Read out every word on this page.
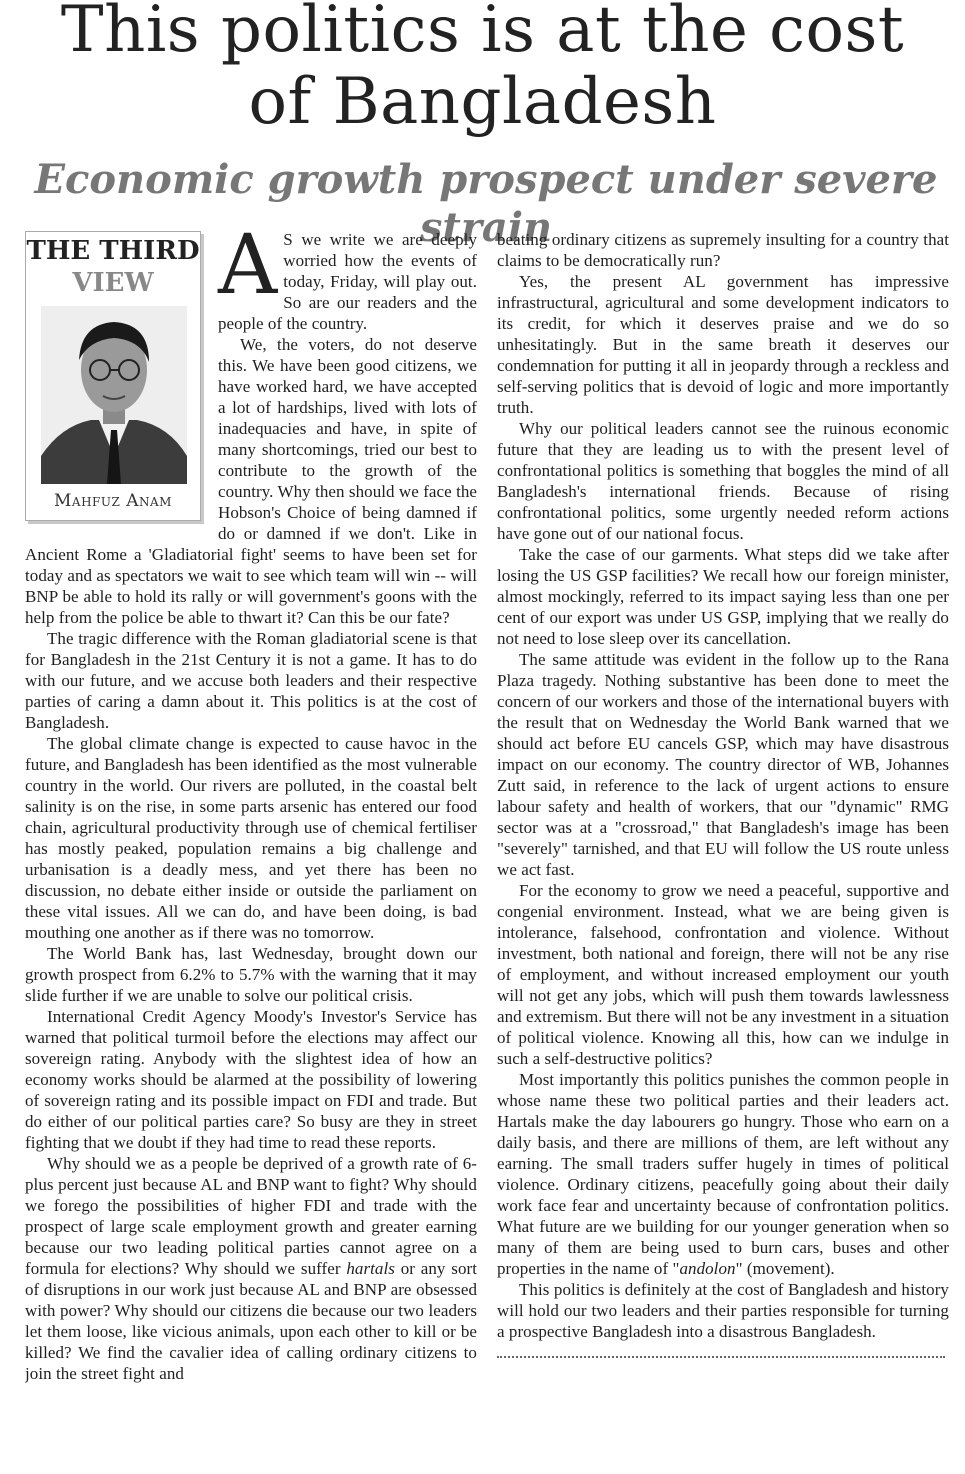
This politics is at the cost
of Bangladesh
Economic growth prospect under severe strain
THE THIRD
VIEW
Mahfuz Anam

A S we write we are deeply worried how the events of today, Friday, will play out. So are our readers and the people of the country.

We, the voters, do not deserve this. We have been good citizens, we have worked hard, we have accepted a lot of hardships, lived with lots of inadequacies and have, in spite of many shortcomings, tried our best to contribute to the growth of the country. Why then should we face the Hobson's Choice of being damned if do or damned if we don't. Like in Ancient Rome a 'Gladiatorial fight' seems to have been set for today and as spectators we wait to see which team will win -- will BNP be able to hold its rally or will government's goons with the help from the police be able to thwart it? Can this be our fate?

The tragic difference with the Roman gladiatorial scene is that for Bangladesh in the 21st Century it is not a game. It has to do with our future, and we accuse both leaders and their respective parties of caring a damn about it. This politics is at the cost of Bangladesh.

The global climate change is expected to cause havoc in the future, and Bangladesh has been identified as the most vulnerable country in the world. Our rivers are polluted, in the coastal belt salinity is on the rise, in some parts arsenic has entered our food chain, agricultural productivity through use of chemical fertiliser has mostly peaked, population remains a big challenge and urbanisation is a deadly mess, and yet there has been no discussion, no debate either inside or outside the parliament on these vital issues. All we can do, and have been doing, is bad mouthing one another as if there was no tomorrow.

The World Bank has, last Wednesday, brought down our growth prospect from 6.2% to 5.7% with the warning that it may slide further if we are unable to solve our political crisis.

International Credit Agency Moody's Investor's Service has warned that political turmoil before the elections may affect our sovereign rating. Anybody with the slightest idea of how an economy works should be alarmed at the possibility of lowering of sovereign rating and its possible impact on FDI and trade. But do either of our political parties care? So busy are they in street fighting that we doubt if they had time to read these reports.

Why should we as a people be deprived of a growth rate of 6-plus percent just because AL and BNP want to fight? Why should we forego the possibilities of higher FDI and trade with the prospect of large scale employment growth and greater earning because our two leading political parties cannot agree on a formula for elections? Why should we suffer hartals or any sort of disruptions in our work just because AL and BNP are obsessed with power? Why should our citizens die because our two leaders let them loose, like vicious animals, upon each other to kill or be killed? We find the cavalier idea of calling ordinary citizens to join the street fight and

beating ordinary citizens as supremely insulting for a country that claims to be democratically run?

Yes, the present AL government has impressive infrastructural, agricultural and some development indicators to its credit, for which it deserves praise and we do so unhesitatingly. But in the same breath it deserves our condemnation for putting it all in jeopardy through a reckless and self-serving politics that is devoid of logic and more importantly truth.

Why our political leaders cannot see the ruinous economic future that they are leading us to with the present level of confrontational politics is something that boggles the mind of all Bangladesh's international friends. Because of rising confrontational politics, some urgently needed reform actions have gone out of our national focus.

Take the case of our garments. What steps did we take after losing the US GSP facilities? We recall how our foreign minister, almost mockingly, referred to its impact saying less than one per cent of our export was under US GSP, implying that we really do not need to lose sleep over its cancellation.

The same attitude was evident in the follow up to the Rana Plaza tragedy. Nothing substantive has been done to meet the concern of our workers and those of the international buyers with the result that on Wednesday the World Bank warned that we should act before EU cancels GSP, which may have disastrous impact on our economy. The country director of WB, Johannes Zutt said, in reference to the lack of urgent actions to ensure labour safety and health of workers, that our "dynamic" RMG sector was at a "crossroad," that Bangladesh's image has been "severely" tarnished, and that EU will follow the US route unless we act fast.

For the economy to grow we need a peaceful, supportive and congenial environment. Instead, what we are being given is intolerance, falsehood, confrontation and violence. Without investment, both national and foreign, there will not be any rise of employment, and without increased employment our youth will not get any jobs, which will push them towards lawlessness and extremism. But there will not be any investment in a situation of political violence. Knowing all this, how can we indulge in such a self-destructive politics?

Most importantly this politics punishes the common people in whose name these two political parties and their leaders act. Hartals make the day labourers go hungry. Those who earn on a daily basis, and there are millions of them, are left without any earning. The small traders suffer hugely in times of political violence. Ordinary citizens, peacefully going about their daily work face fear and uncertainty because of confrontation politics. What future are we building for our younger generation when so many of them are being used to burn cars, buses and other properties in the name of "andolon" (movement).

This politics is definitely at the cost of Bangladesh and history will hold our two leaders and their parties responsible for turning a prospective Bangladesh into a disastrous Bangladesh.
